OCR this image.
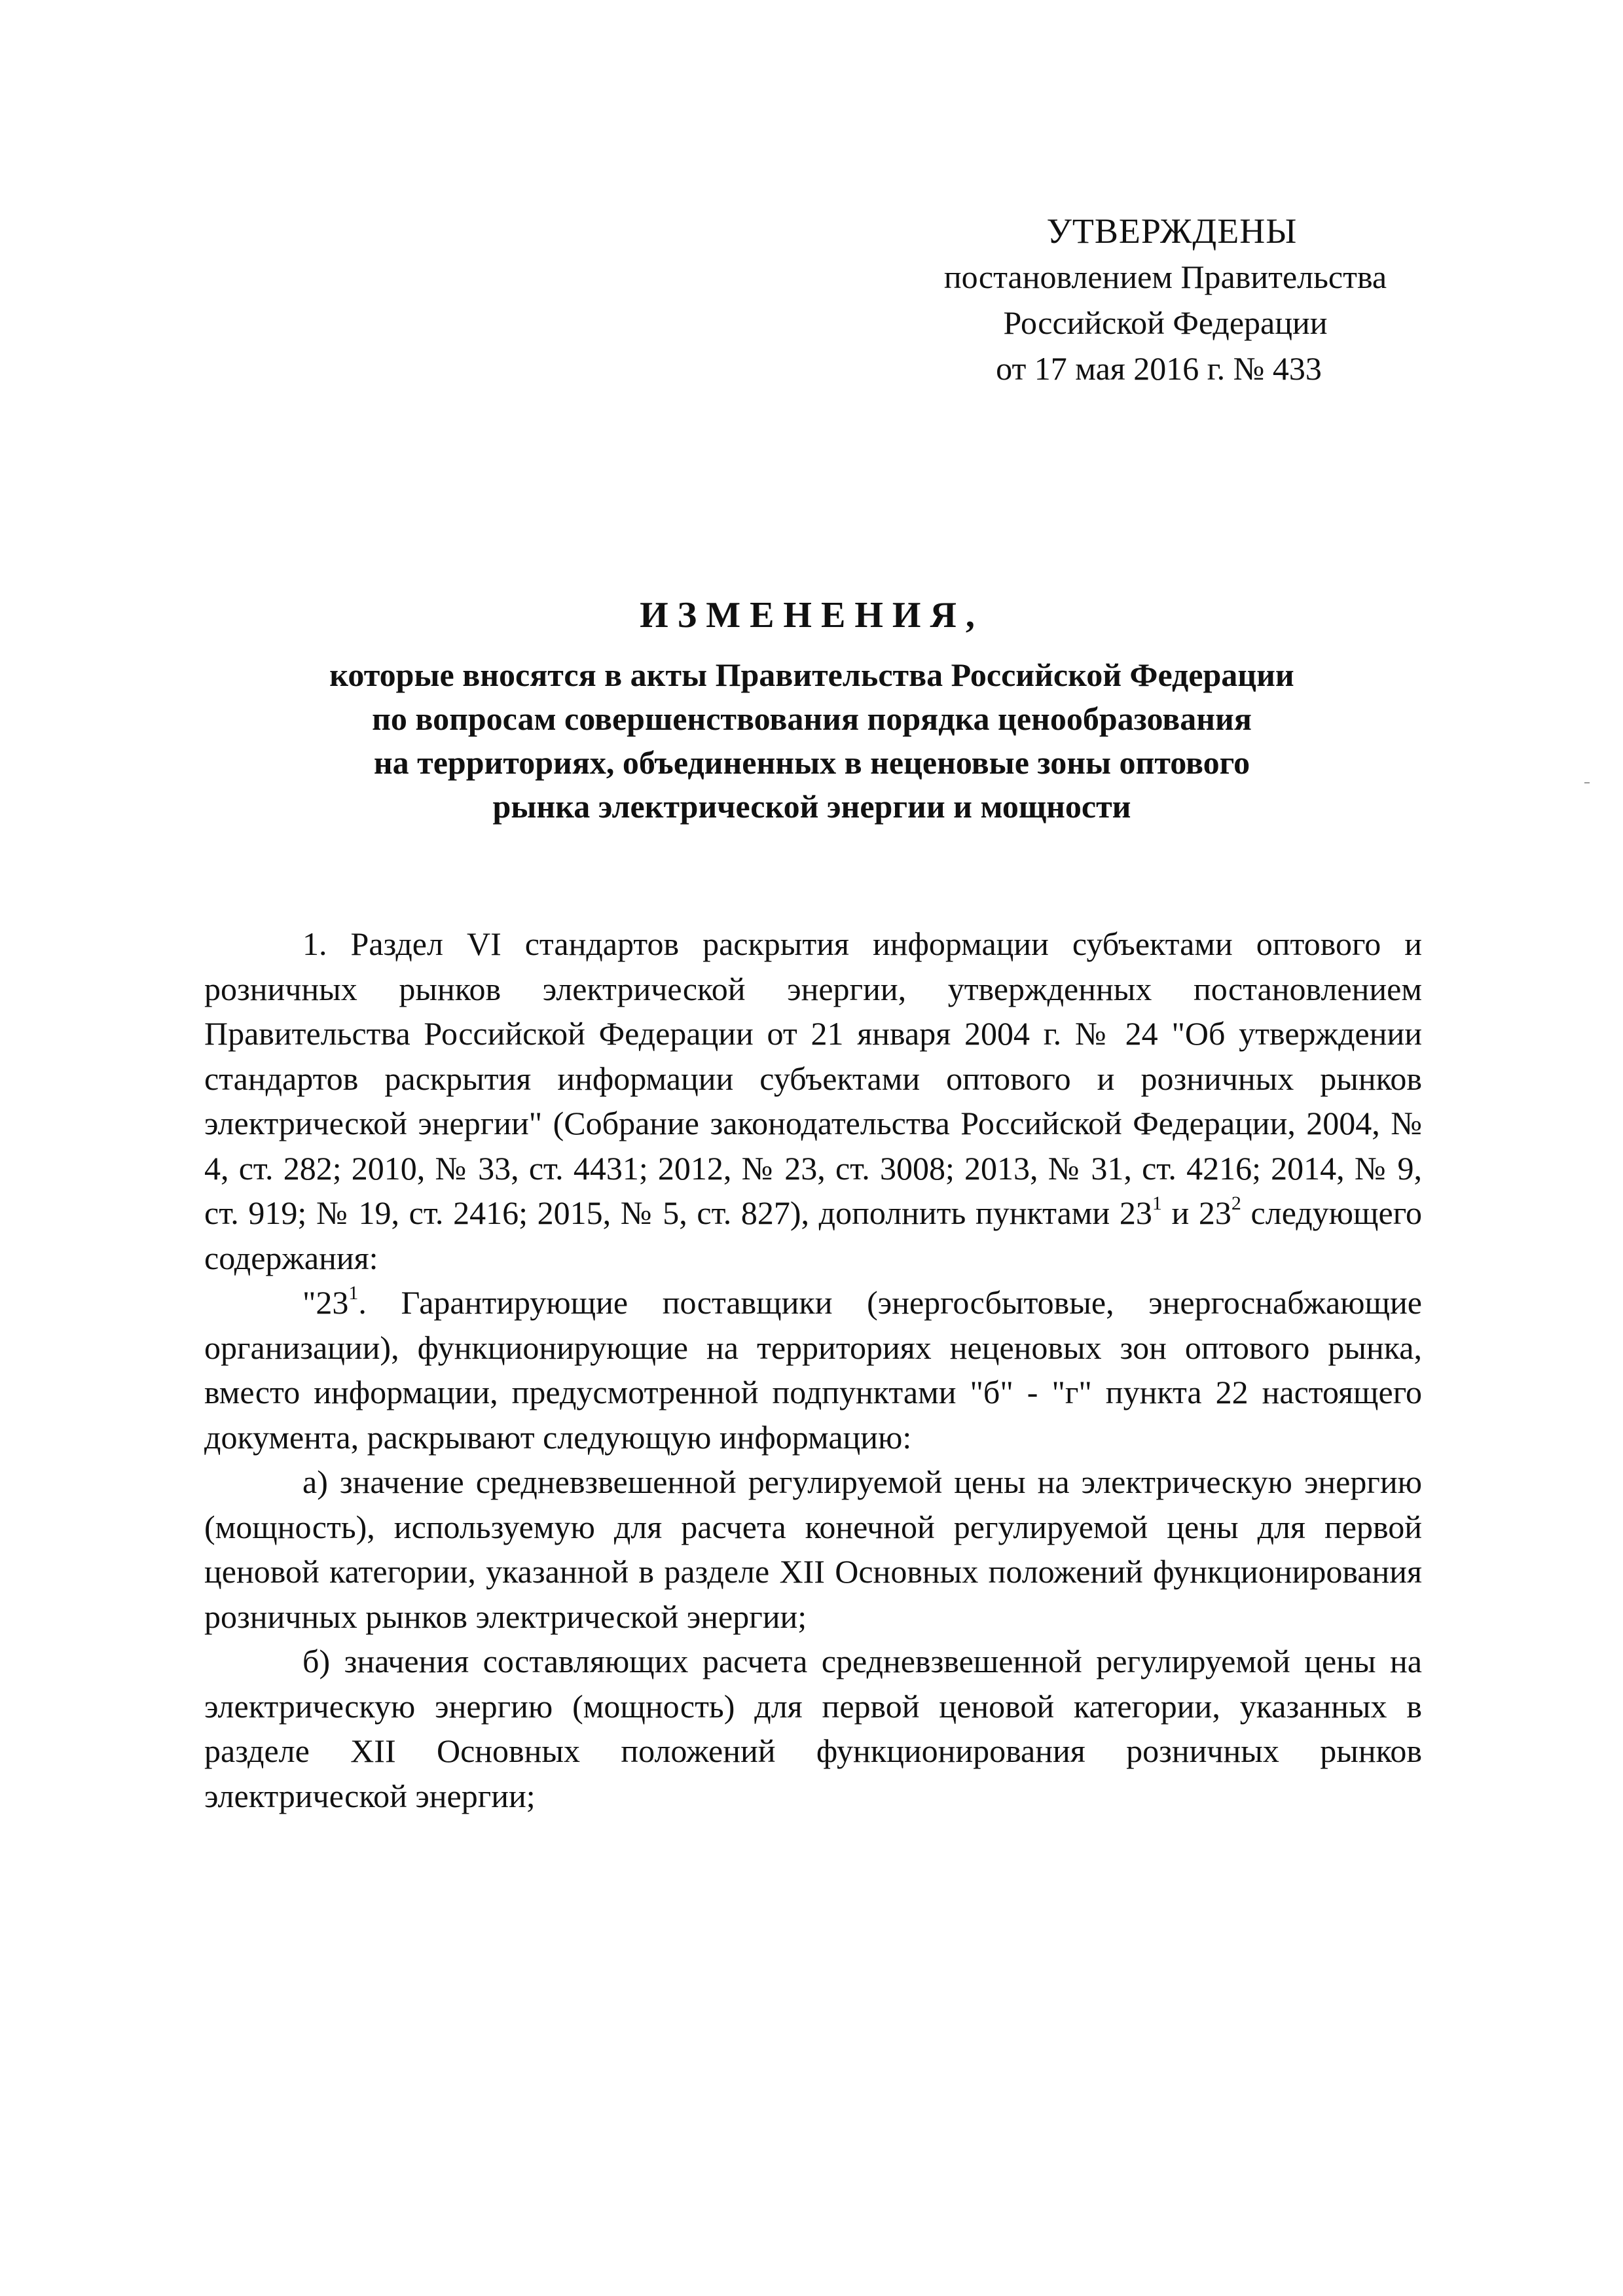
УТВЕРЖДЕНЫ
постановлением Правительства
Российской Федерации
от 17 мая 2016 г. № 433
ИЗМЕНЕНИЯ,
которые вносятся в акты Правительства Российской Федерации
по вопросам совершенствования порядка ценообразования
на территориях, объединенных в неценовые зоны оптового
рынка электрической энергии и мощности

1. Раздел VI стандартов раскрытия информации субъектами оптового и розничных рынков электрической энергии, утвержденных постановлением Правительства Российской Федерации от 21 января 2004 г. № 24 "Об утверждении стандартов раскрытия информации субъектами оптового и розничных рынков электрической энергии" (Собрание законодательства Российской Федерации, 2004, № 4, ст. 282; 2010, № 33, ст. 4431; 2012, № 23, ст. 3008; 2013, № 31, ст. 4216; 2014, № 9, ст. 919; № 19, ст. 2416; 2015, № 5, ст. 827), дополнить пунктами $23^1$ и $23^2$ следующего содержания:

"$23^1$. Гарантирующие поставщики (энергосбытовые, энергоснабжающие организации), функционирующие на территориях неценовых зон оптового рынка, вместо информации, предусмотренной подпунктами "б" - "г" пункта 22 настоящего документа, раскрывают следующую информацию:

а) значение средневзвешенной регулируемой цены на электрическую энергию (мощность), используемую для расчета конечной регулируемой цены для первой ценовой категории, указанной в разделе XII Основных положений функционирования розничных рынков электрической энергии;

б) значения составляющих расчета средневзвешенной регулируемой цены на электрическую энергию (мощность) для первой ценовой категории, указанных в разделе XII Основных положений функционирования розничных рынков электрической энергии;
